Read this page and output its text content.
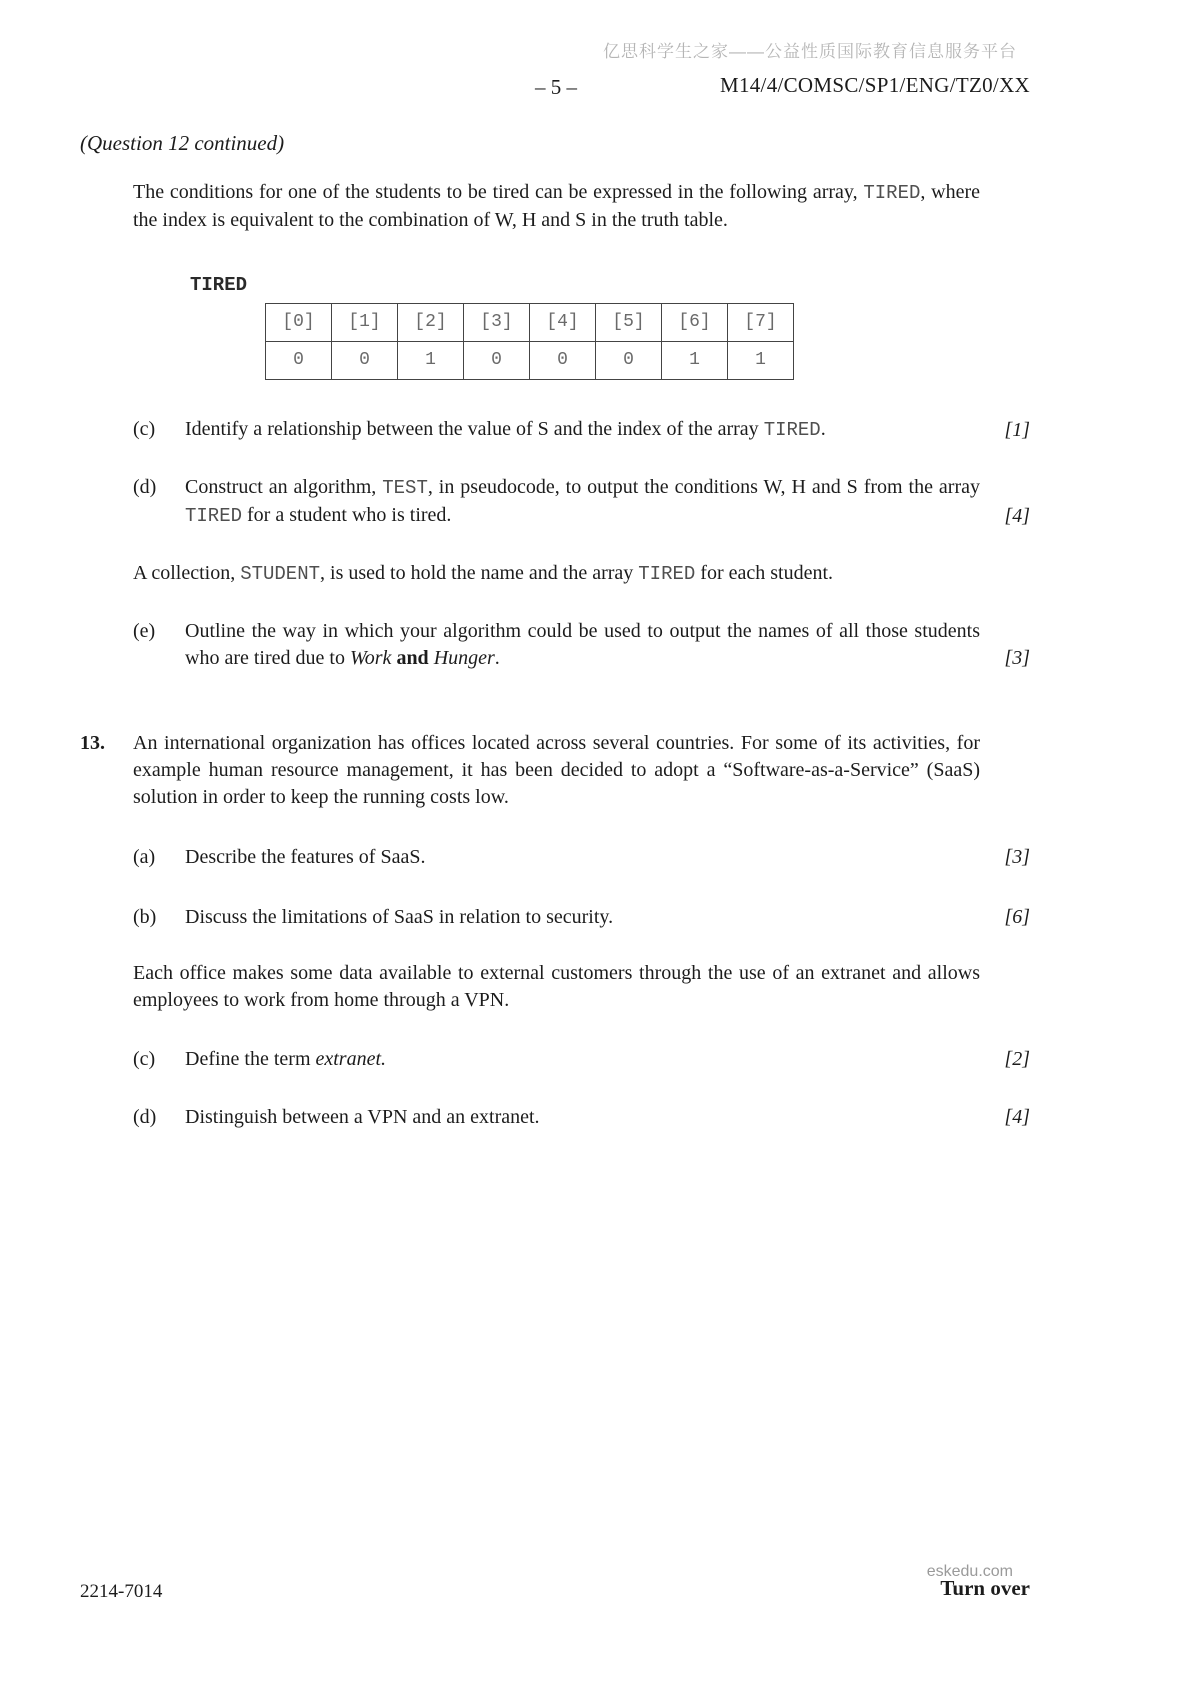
亿思科学生之家——公益性质国际教育信息服务平台
– 5 –	M14/4/COMSC/SP1/ENG/TZ0/XX
(Question 12 continued)

The conditions for one of the students to be tired can be expressed in the following array, TIRED, where the index is equivalent to the combination of W, H and S in the truth table.

TIRED
[0]	[1]	[2]	[3]	[4]	[5]	[6]	[7]
0	0	1	0	0	0	1	1
(c)	Identify a relationship between the value of S and the index of the array TIRED.	[1]
(d)	Construct an algorithm, TEST, in pseudocode, to output the conditions W, H and S from the array TIRED for a student who is tired.	[4]

A collection, STUDENT, is used to hold the name and the array TIRED for each student.

(e)	Outline the way in which your algorithm could be used to output the names of all those students who are tired due to Work and Hunger.	[3]
13.	An international organization has offices located across several countries. For some of its activities, for example human resource management, it has been decided to adopt a “Software-as-a-Service” (SaaS) solution in order to keep the running costs low.
(a)	Describe the features of SaaS.	[3]
(b)	Discuss the limitations of SaaS in relation to security.	[6]

Each office makes some data available to external customers through the use of an extranet and allows employees to work from home through a VPN.

(c)	Define the term extranet.	[2]
(d)	Distinguish between a VPN and an extranet.	[4]
2214-7014
eskedu.com
Turn over
